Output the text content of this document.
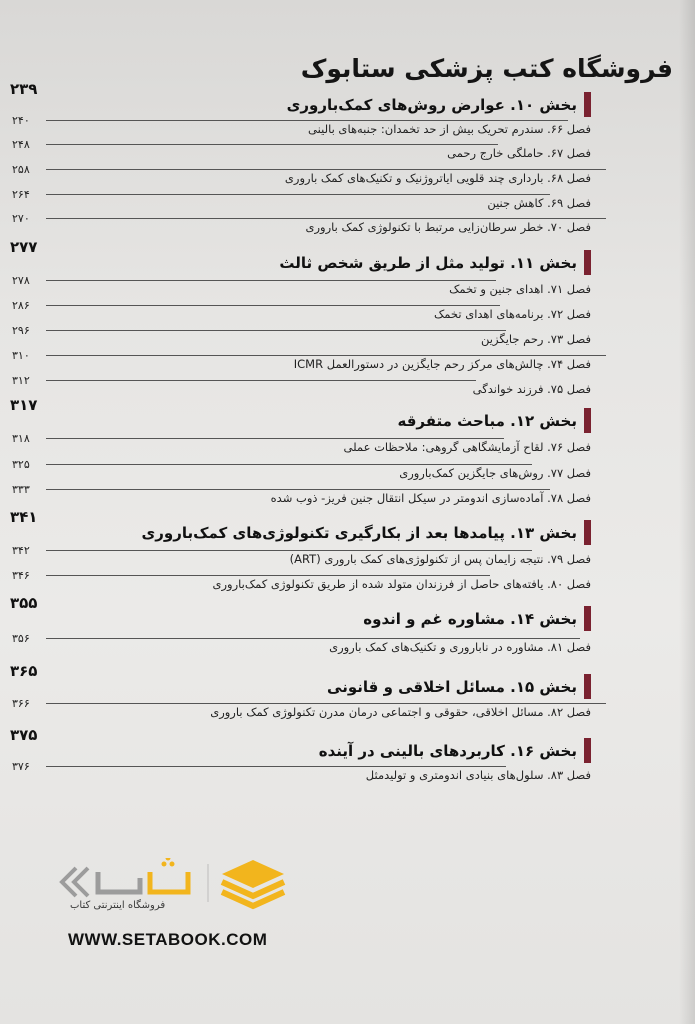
فروشگاه کتب پزشکی ستابوک
بخش ۱۰. عوارض روش‌های کمک‌باروری
۲۳۹
فصل ۶۶. سندرم تحریک بیش از حد تخمدان: جنبه‌های بالینی
۲۴۰
فصل ۶۷. حاملگی خارج رحمی
۲۴۸
فصل ۶۸. بارداری چند قلویی ایاتروژنیک و تکنیک‌های کمک باروری
۲۵۸
فصل ۶۹. کاهش جنین
۲۶۴
فصل ۷۰. خطر سرطان‌زایی مرتبط با تکنولوژی کمک باروری
۲۷۰
بخش ۱۱. تولید مثل از طریق شخص ثالث
۲۷۷
فصل ۷۱. اهدای جنین و تخمک
۲۷۸
فصل ۷۲. برنامه‌های اهدای تخمک
۲۸۶
فصل ۷۳. رحم جایگزین
۲۹۶
فصل ۷۴. چالش‌های مرکز رحم جایگزین در دستورالعمل ICMR
۳۱۰
فصل ۷۵. فرزند خواندگی
۳۱۲
بخش ۱۲. مباحث متفرقه
۳۱۷
فصل ۷۶. لقاح آزمایشگاهی گروهی: ملاحظات عملی
۳۱۸
فصل ۷۷. روش‌های جایگزین کمک‌باروری
۳۲۵
فصل ۷۸. آماده‌سازی اندومتر در سیکل انتقال جنین فریز- ذوب شده
۳۳۳
بخش ۱۳. پیامدها بعد از بکارگیری تکنولوژی‌های کمک‌باروری
۳۴۱
فصل ۷۹. نتیجه زایمان پس از تکنولوژی‌های کمک باروری (ART)
۳۴۲
فصل ۸۰. یافته‌های حاصل از فرزندان متولد شده از طریق تکنولوژی کمک‌باروری
۳۴۶
بخش ۱۴. مشاوره غم و اندوه
۳۵۵
فصل ۸۱. مشاوره در ناباروری و تکنیک‌های کمک باروری
۳۵۶
بخش ۱۵. مسائل اخلاقی و قانونی
۳۶۵
فصل ۸۲. مسائل اخلاقی، حقوقی و اجتماعی درمان مدرن تکنولوژی کمک باروری
۳۶۶
بخش ۱۶. کاربردهای بالینی در آینده
۳۷۵
فصل ۸۳. سلول‌های بنیادی اندومتری و تولیدمثل
۳۷۶
فروشگاه اینترنتی کتاب
WWW.SETABOOK.COM
